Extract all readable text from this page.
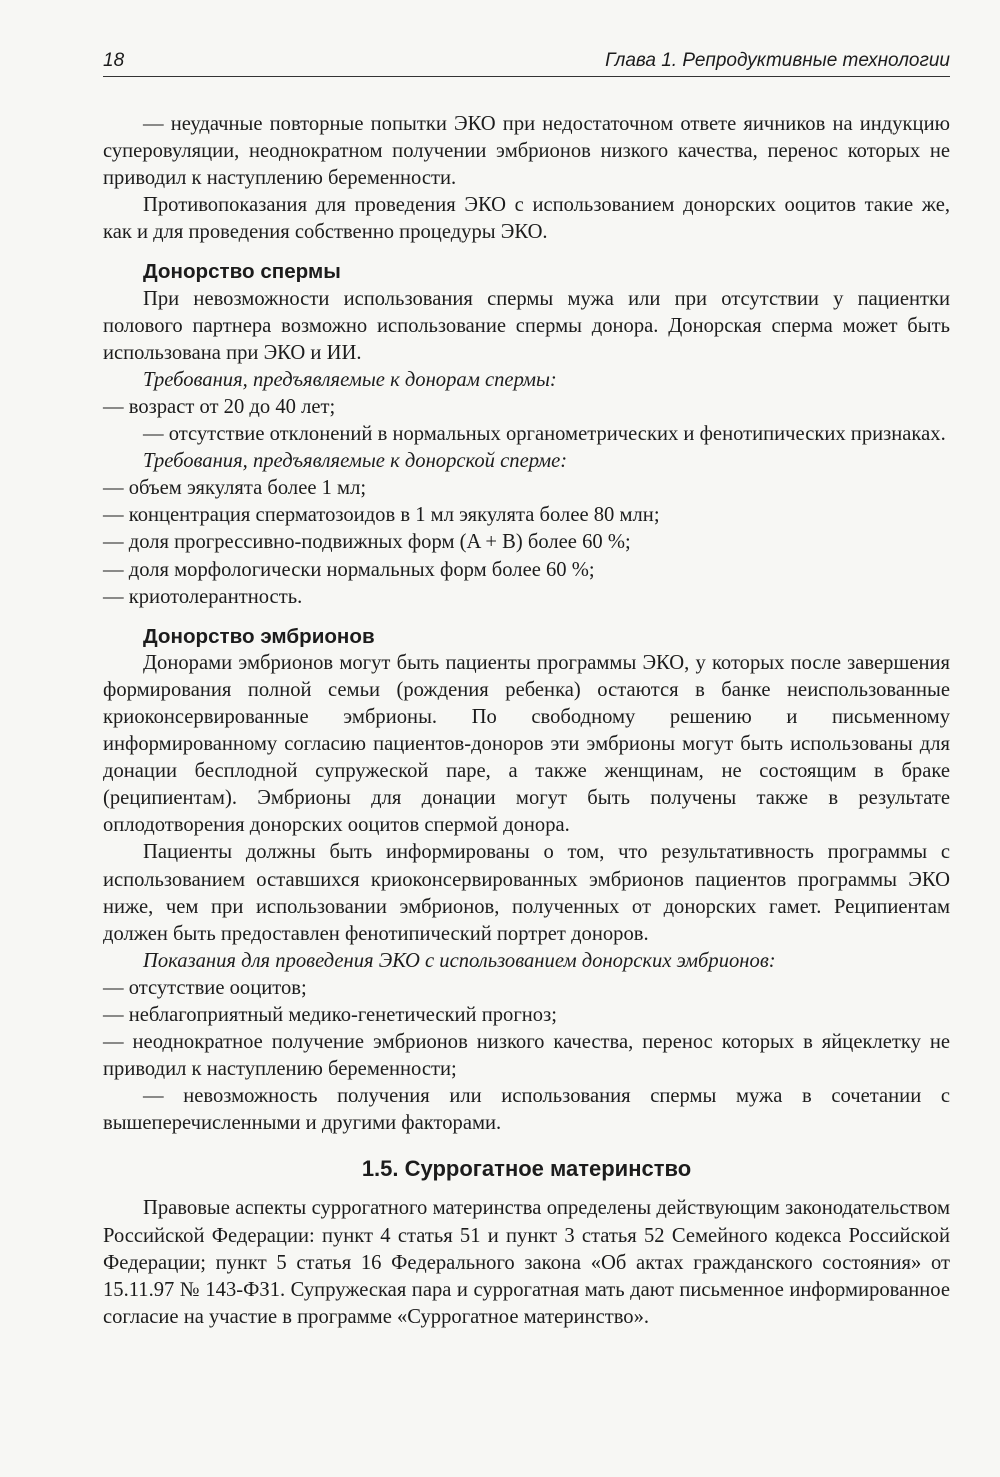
18	Глава 1. Репродуктивные технологии

— неудачные повторные попытки ЭКО при недостаточном ответе яичников на индукцию суперовуляции, неоднократном получении эмбрионов низкого качества, перенос которых не приводил к наступлению беременности.

Противопоказания для проведения ЭКО с использованием донорских ооцитов такие же, как и для проведения собственно процедуры ЭКО.

Донорство спермы

При невозможности использования спермы мужа или при отсутствии у пациентки полового партнера возможно использование спермы донора. Донорская сперма может быть использована при ЭКО и ИИ.

Требования, предъявляемые к донорам спермы:

— возраст от 20 до 40 лет;

— отсутствие отклонений в нормальных органометрических и фенотипических признаках.

Требования, предъявляемые к донорской сперме:

— объем эякулята более 1 мл;

— концентрация сперматозоидов в 1 мл эякулята более 80 млн;

— доля прогрессивно-подвижных форм (A + B) более 60 %;

— доля морфологически нормальных форм более 60 %;

— криотолерантность.

Донорство эмбрионов

Донорами эмбрионов могут быть пациенты программы ЭКО, у которых после завершения формирования полной семьи (рождения ребенка) остаются в банке неиспользованные криоконсервированные эмбрионы. По свободному решению и письменному информированному согласию пациентов-доноров эти эмбрионы могут быть использованы для донации бесплодной супружеской паре, а также женщинам, не состоящим в браке (реципиентам). Эмбрионы для донации могут быть получены также в результате оплодотворения донорских ооцитов спермой донора.

Пациенты должны быть информированы о том, что результативность программы с использованием оставшихся криоконсервированных эмбрионов пациентов программы ЭКО ниже, чем при использовании эмбрионов, полученных от донорских гамет. Реципиентам должен быть предоставлен фенотипический портрет доноров.

Показания для проведения ЭКО с использованием донорских эмбрионов:

— отсутствие ооцитов;

— неблагоприятный медико-генетический прогноз;

— неоднократное получение эмбрионов низкого качества, перенос которых в яйцеклетку не приводил к наступлению беременности;

— невозможность получения или использования спермы мужа в сочетании с вышеперечисленными и другими факторами.

1.5. Суррогатное материнство

Правовые аспекты суррогатного материнства определены действующим законодательством Российской Федерации: пункт 4 статья 51 и пункт 3 статья 52 Семейного кодекса Российской Федерации; пункт 5 статья 16 Федерального закона «Об актах гражданского состояния» от 15.11.97 № 143-ФЗ1. Супружеская пара и суррогатная мать дают письменное информированное согласие на участие в программе «Суррогатное материнство».
